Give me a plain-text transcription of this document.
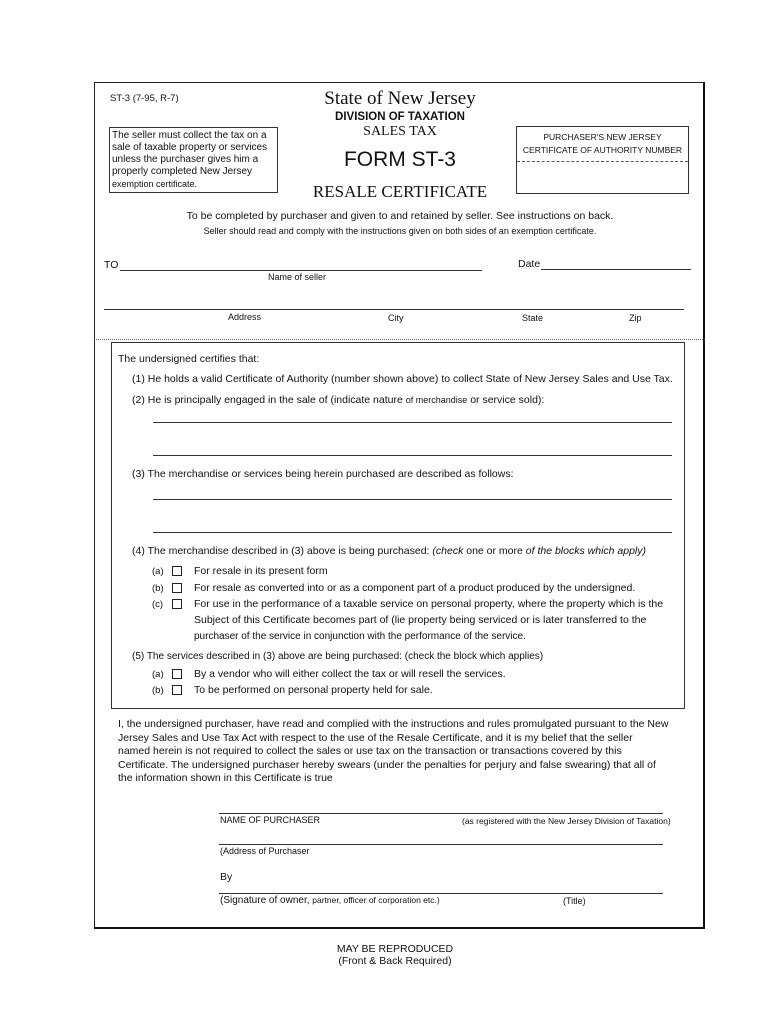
ST-3 (7-95, R-7)	State of New Jersey
DIVISION OF TAXATION
SALES TAX
FORM ST-3
RESALE CERTIFICATE
The seller must collect the tax on a
sale of taxable property or services
unless the purchaser gives him a
properly completed New Jersey
exemption certificate.
PURCHASER'S NEW JERSEY
CERTIFICATE OF AUTHORITY NUMBER
To be completed by purchaser and given to and retained by seller. See instructions on back.
Seller should read and comply with the instructions given on both sides of an exemption certificate.
TO
Name of seller
Date
Address	City	State	Zip
The undersigned certifies that:
(1) He holds a valid Certificate of Authority (number shown above) to collect State of New Jersey Sales and Use Tax.
(2) He is principally engaged in the sale of (indicate nature of merchandise or service sold):
(3) The merchandise or services being herein purchased are described as follows:
(4) The merchandise described in (3) above is being purchased: (check one or more of the blocks which apply)
(a)	For resale in its present form
(b)	For resale as converted into or as a component part of a product produced by the undersigned.
(c)	For use in the performance of a taxable service on personal property, where the property which is the
Subject of this Certificate becomes part of (lie property being serviced or is later transferred to the
purchaser of the service in conjunction with the performance of the service.
(5) The services described in (3) above are being purchased: (check the block which applies)
(a)	By a vendor who will either collect the tax or will resell the services.
(b)	To be performed on personal property held for sale.
I, the undersigned purchaser, have read and complied with the instructions and rules promulgated pursuant to the New
Jersey Sales and Use Tax Act with respect to the use of the Resale Certificate, and it is my belief that the seller
named herein is not required to collect the sales or use tax on the transaction or transactions covered by this
Certificate. The undersigned purchaser hereby swears (under the penalties for perjury and false swearing) that all of
the information shown in this Certificate is true
NAME OF PURCHASER	(as registered with the New Jersey Division of Taxation)
(Address of Purchaser
By
(Signature of owner, partner, officer of corporation etc.)	(Title)
MAY BE REPRODUCED
(Front & Back Required)
